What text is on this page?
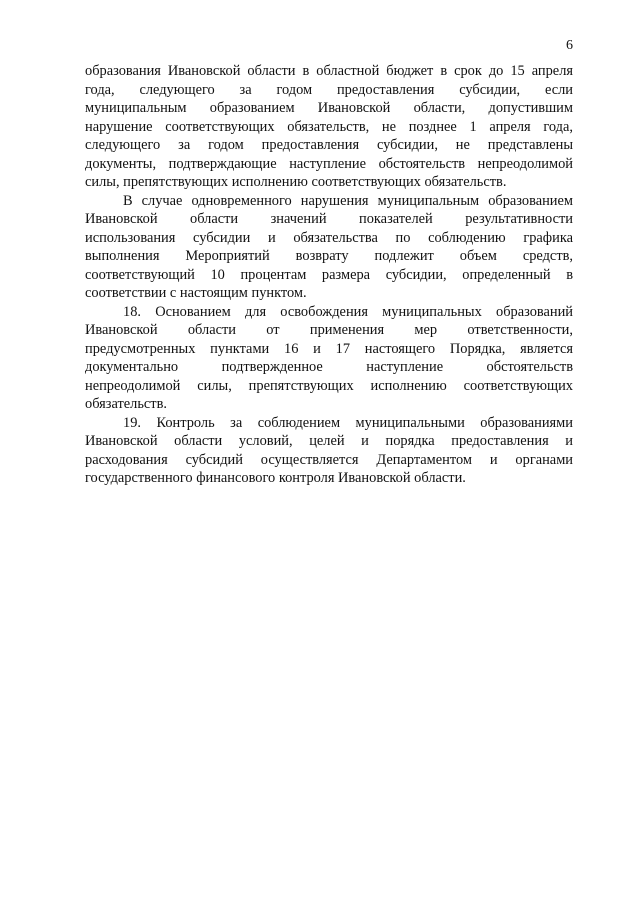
6
образования Ивановской области в областной бюджет в срок до 15 апреля
года, следующего за годом предоставления субсидии, если
муниципальным образованием Ивановской области, допустившим
нарушение соответствующих обязательств, не позднее 1 апреля года,
следующего за годом предоставления субсидии, не представлены
документы, подтверждающие наступление обстоятельств непреодолимой
силы, препятствующих исполнению соответствующих обязательств.
В случае одновременного нарушения муниципальным образованием
Ивановской области значений показателей результативности
использования субсидии и обязательства по соблюдению графика
выполнения Мероприятий возврату подлежит объем средств,
соответствующий 10 процентам размера субсидии, определенный в
соответствии с настоящим пунктом.
18. Основанием для освобождения муниципальных образований
Ивановской области от применения мер ответственности,
предусмотренных пунктами 16 и 17 настоящего Порядка, является
документально подтвержденное наступление обстоятельств
непреодолимой силы, препятствующих исполнению соответствующих
обязательств.
19. Контроль за соблюдением муниципальными образованиями
Ивановской области условий, целей и порядка предоставления и
расходования субсидий осуществляется Департаментом и органами
государственного финансового контроля Ивановской области.
